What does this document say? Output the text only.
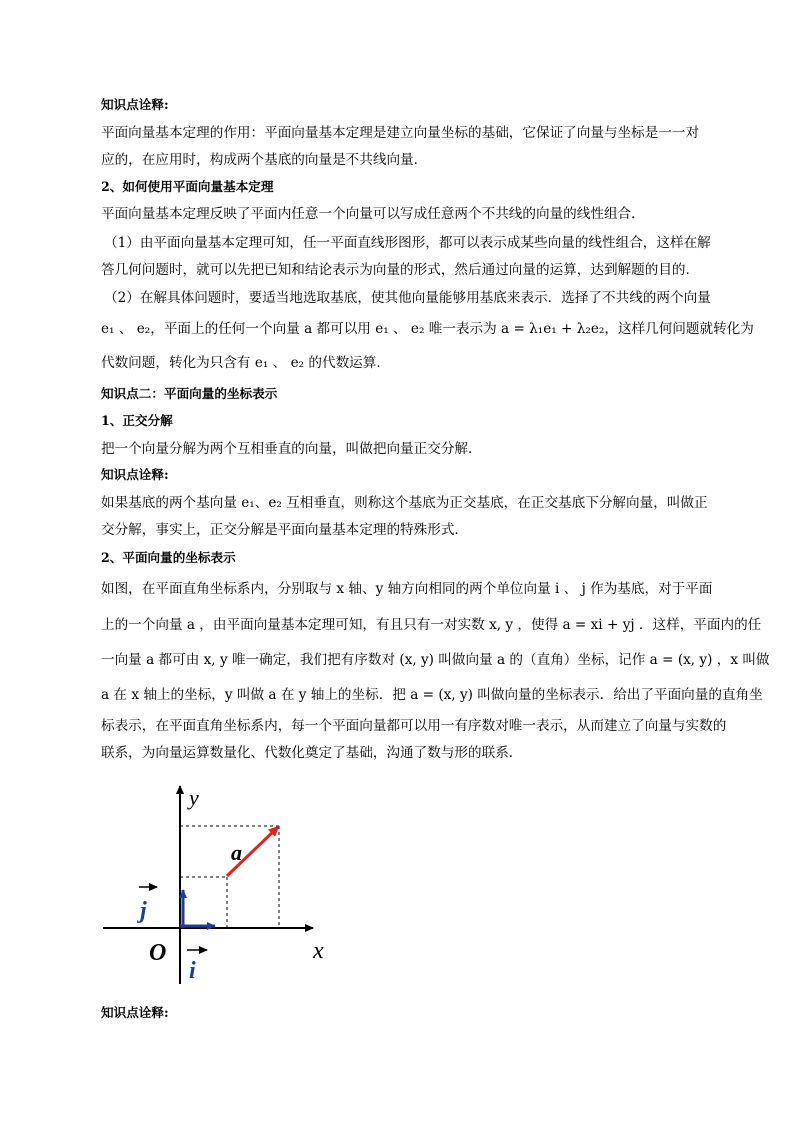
知识点诠释:
平面向量基本定理的作用：平面向量基本定理是建立向量坐标的基础，它保证了向量与坐标是一一对
应的，在应用时，构成两个基底的向量是不共线向量．
2、如何使用平面向量基本定理
平面向量基本定理反映了平面内任意一个向量可以写成任意两个不共线的向量的线性组合．
（1）由平面向量基本定理可知，任一平面直线形图形，都可以表示成某些向量的线性组合，这样在解
答几何问题时，就可以先把已知和结论表示为向量的形式，然后通过向量的运算，达到解题的目的．
（2）在解具体问题时，要适当地选取基底，使其他向量能够用基底来表示．选择了不共线的两个向量
e₁ 、 e₂，平面上的任何一个向量 a 都可以用 e₁ 、 e₂ 唯一表示为 a = λ₁e₁ + λ₂e₂，这样几何问题就转化为
代数问题，转化为只含有 e₁ 、 e₂ 的代数运算．
知识点二：平面向量的坐标表示
1、正交分解
把一个向量分解为两个互相垂直的向量，叫做把向量正交分解．
知识点诠释:
如果基底的两个基向量 e₁、e₂ 互相垂直，则称这个基底为正交基底，在正交基底下分解向量，叫做正
交分解，事实上，正交分解是平面向量基本定理的特殊形式．
2、平面向量的坐标表示
如图，在平面直角坐标系内，分别取与 x 轴、y 轴方向相同的两个单位向量 i 、 j 作为基底，对于平面
上的一个向量 a ，由平面向量基本定理可知，有且只有一对实数 x, y ，使得 a = xi + yj ．这样，平面内的任
一向量 a 都可由 x, y 唯一确定，我们把有序数对 (x, y) 叫做向量 a 的（直角）坐标，记作 a = (x, y) ，x 叫做
a 在 x 轴上的坐标，y 叫做 a 在 y 轴上的坐标．把 a = (x, y) 叫做向量的坐标表示．给出了平面向量的直角坐
标表示，在平面直角坐标系内，每一个平面向量都可以用一有序数对唯一表示，从而建立了向量与实数的
联系，为向量运算数量化、代数化奠定了基础，沟通了数与形的联系．
y
x
O
a
j
i
知识点诠释:
